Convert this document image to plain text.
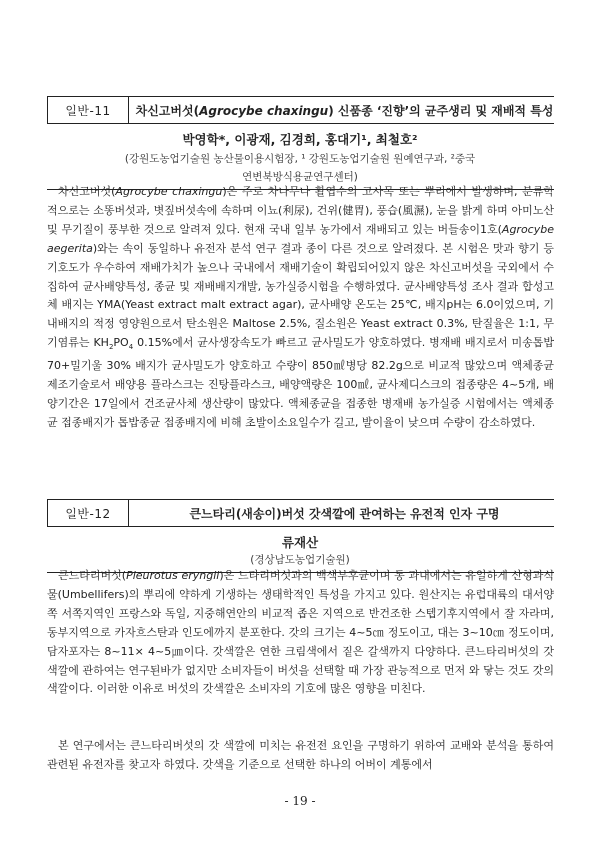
일반-11	차신고버섯(Agrocybe chaxingu) 신품종 ‘진향’의 균주생리 및 재배적 특성
박영학*, 이광재, 김경희, 홍대기¹, 최철호²
(강원도농업기술원 농산물이용시험장, ¹ 강원도농업기술원 원예연구과, ²중국
연변북방식용균연구센터)
차신고버섯(Agrocybe chaxingu)은 주로 차나무나 활엽수의 고사목 또는 뿌리에서 발생하며, 분류학적으로는 소똥버섯과, 볏짚버섯속에 속하며 이뇨(利尿), 건위(健胃), 풍습(風濕), 눈을 밝게 하며 아미노산 및 무기질이 풍부한 것으로 알려져 있다. 현재 국내 일부 농가에서 재배되고 있는 버들송이1호(Agrocybe aegerita)와는 속이 동일하나 유전자 분석 연구 결과 종이 다른 것으로 알려졌다. 본 시험은 맛과 향기 등 기호도가 우수하여 재배가치가 높으나 국내에서 재배기술이 확립되어있지 않은 차신고버섯을 국외에서 수집하여 균사배양특성, 종균 및 재배배지개발, 농가실증시험을 수행하였다. 균사배양특성 조사 결과 합성고체 배지는 YMA(Yeast extract malt extract agar), 균사배양 온도는 25℃, 배지pH는 6.0이었으며, 기내배지의 적정 영양원으로서 탄소원은 Maltose 2.5%, 질소원은 Yeast extract 0.3%, 탄질율은 1:1, 무기염류는 $KH_2PO_4$ 0.15%에서 균사생장속도가 빠르고 균사밀도가 양호하였다. 병재배 배지로서 미송톱밥70+밀기울 30% 배지가 균사밀도가 양호하고 수량이 850㎖병당 82.2g으로 비교적 많았으며 액체종균 제조기술로서 배양용 플라스크는 진탕플라스크, 배양액량은 100㎖, 균사제디스크의 접종량은 4~5개, 배양기간은 17일에서 건조균사체 생산량이 많았다. 액체종균을 접종한 병재배 농가실증 시험에서는 액체종균 접종배지가 톱밥종균 접종배지에 비해 초발이소요일수가 길고, 발이율이 낮으며 수량이 감소하였다.
일반-12	큰느타리(새송이)버섯 갓색깔에 관여하는 유전적 인자 구명
류재산
(경상남도농업기술원)
큰느타리버섯(Pleurotus eryngii)은 느타리버섯과의 백색부후균이며 동 과내에서는 유일하게 산형과식물(Umbellifers)의 뿌리에 약하게 기생하는 생태학적인 특성을 가지고 있다. 원산지는 유럽대륙의 대서양쪽 서쪽지역인 프랑스와 독일, 지중해연안의 비교적 좁은 지역으로 반건조한 스텝기후지역에서 잘 자라며, 동부지역으로 카자흐스탄과 인도에까지 분포한다. 갓의 크기는 4~5㎝ 정도이고, 대는 3~10㎝ 정도이며, 담자포자는 8~11× 4~5㎛이다. 갓색깔은 연한 크림색에서 짙은 갈색까지 다양하다. 큰느타리버섯의 갓색깔에 관하여는 연구된바가 없지만 소비자들이 버섯을 선택할 때 가장 관능적으로 먼저 와 닿는 것도 갓의 색깔이다. 이러한 이유로 버섯의 갓색깔은 소비자의 기호에 많은 영향을 미친다.
본 연구에서는 큰느타리버섯의 갓 색깔에 미치는 유전전 요인을 구명하기 위하여 교배와 분석을 통하여 관련된 유전자를 찾고자 하였다. 갓색을 기준으로 선택한 하나의 어버이 계통에서
- 19 -
